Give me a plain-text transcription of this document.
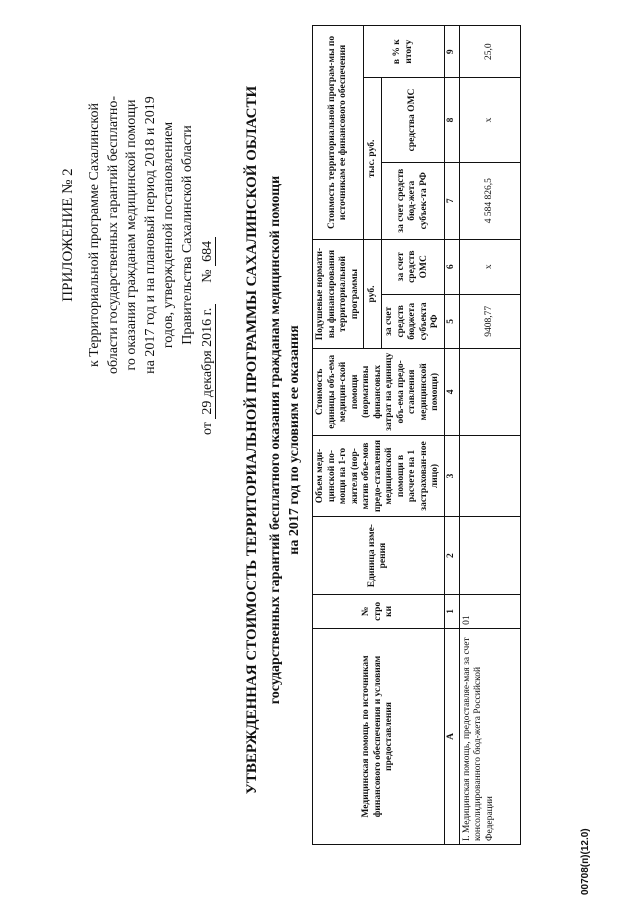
ПРИЛОЖЕНИЕ № 2 к Территориальной программе Сахалинской области государственных гарантий бесплатно- го оказания гражданам медицинской помощи на 2017 год и на плановый период 2018 и 2019 годов, утвержденной постановлением Правительства Сахалинской области
от 29 декабря 2016 г.      № 684 УТВЕРЖДЕННАЯ СТОИМОСТЬ ТЕРРИТОРИАЛЬНОЙ ПРОГРАММЫ САХАЛИНСКОЙ ОБЛАСТИ государственных гарантий бесплатного оказания гражданам медицинской помощи на 2017 год по условиям ее оказания
Медицинская помощь по источникам финансового обеспечения и условиям предоставления	№ стро ки	Единица изме-рения	Объем меди-цинской по-мощи на 1-го жителя (нор-матив объе-мов предо-ставления медицинской помощи в расчете на 1 застрахован-ное лицо)	Стоимость единицы объ-ема медицин-ской помощи (нормативы финансовых затрат на единицу объ-ема предо-ставления медицинской помощи)	Подушевые нормати-вы финансирования территориальной программы		Стоимость территориальной програм-мы по источникам ее финансового обеспечения		
					руб.		тыс. руб.		в % к итогу
					за счет средств бюджета субъекта РФ	за счет средств ОМС	за счет средств бюд-жета субъек-та РФ	средства ОМС	
А	1	2	3	4	5	6	7	8	9
I. Медицинская помощь, предоставляе-мая за счет консолидированного бюд-жета Российской Федерации	01				9408,77	х	4 584 826,5	х	25,0
00708(п)(12.0)
